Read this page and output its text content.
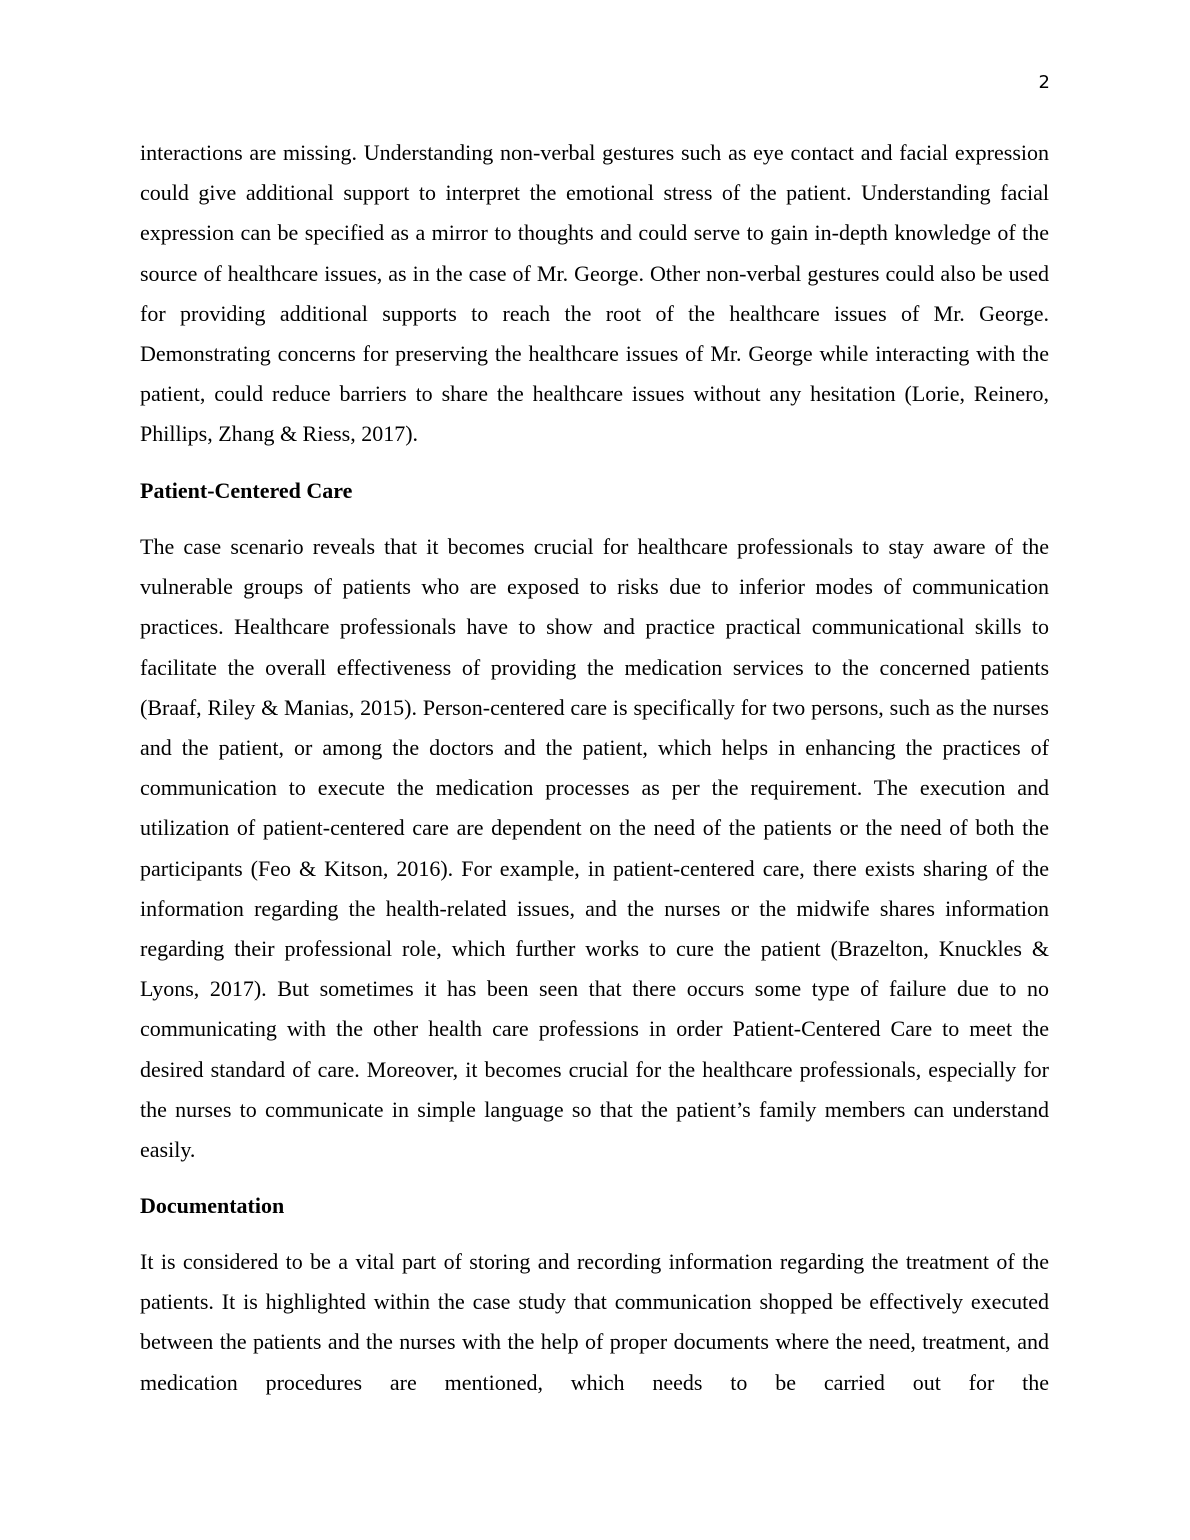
2

interactions are missing. Understanding non-verbal gestures such as eye contact and facial expression could give additional support to interpret the emotional stress of the patient. Understanding facial expression can be specified as a mirror to thoughts and could serve to gain in-depth knowledge of the source of healthcare issues, as in the case of Mr. George. Other non-verbal gestures could also be used for providing additional supports to reach the root of the healthcare issues of Mr. George. Demonstrating concerns for preserving the healthcare issues of Mr. George while interacting with the patient, could reduce barriers to share the healthcare issues without any hesitation (Lorie, Reinero, Phillips, Zhang & Riess, 2017).

Patient-Centered Care

The case scenario reveals that it becomes crucial for healthcare professionals to stay aware of the vulnerable groups of patients who are exposed to risks due to inferior modes of communication practices. Healthcare professionals have to show and practice practical communicational skills to facilitate the overall effectiveness of providing the medication services to the concerned patients (Braaf, Riley & Manias, 2015). Person-centered care is specifically for two persons, such as the nurses and the patient, or among the doctors and the patient, which helps in enhancing the practices of communication to execute the medication processes as per the requirement. The execution and utilization of patient-centered care are dependent on the need of the patients or the need of both the participants (Feo & Kitson, 2016). For example, in patient-centered care, there exists sharing of the information regarding the health-related issues, and the nurses or the midwife shares information regarding their professional role, which further works to cure the patient (Brazelton, Knuckles & Lyons, 2017). But sometimes it has been seen that there occurs some type of failure due to no communicating with the other health care professions in order Patient-Centered Care to meet the desired standard of care. Moreover, it becomes crucial for the healthcare professionals, especially for the nurses to communicate in simple language so that the patient’s family members can understand easily.

Documentation

It is considered to be a vital part of storing and recording information regarding the treatment of the patients. It is highlighted within the case study that communication shopped be effectively executed between the patients and the nurses with the help of proper documents where the need, treatment, and medication procedures are mentioned, which needs to be carried out for the
